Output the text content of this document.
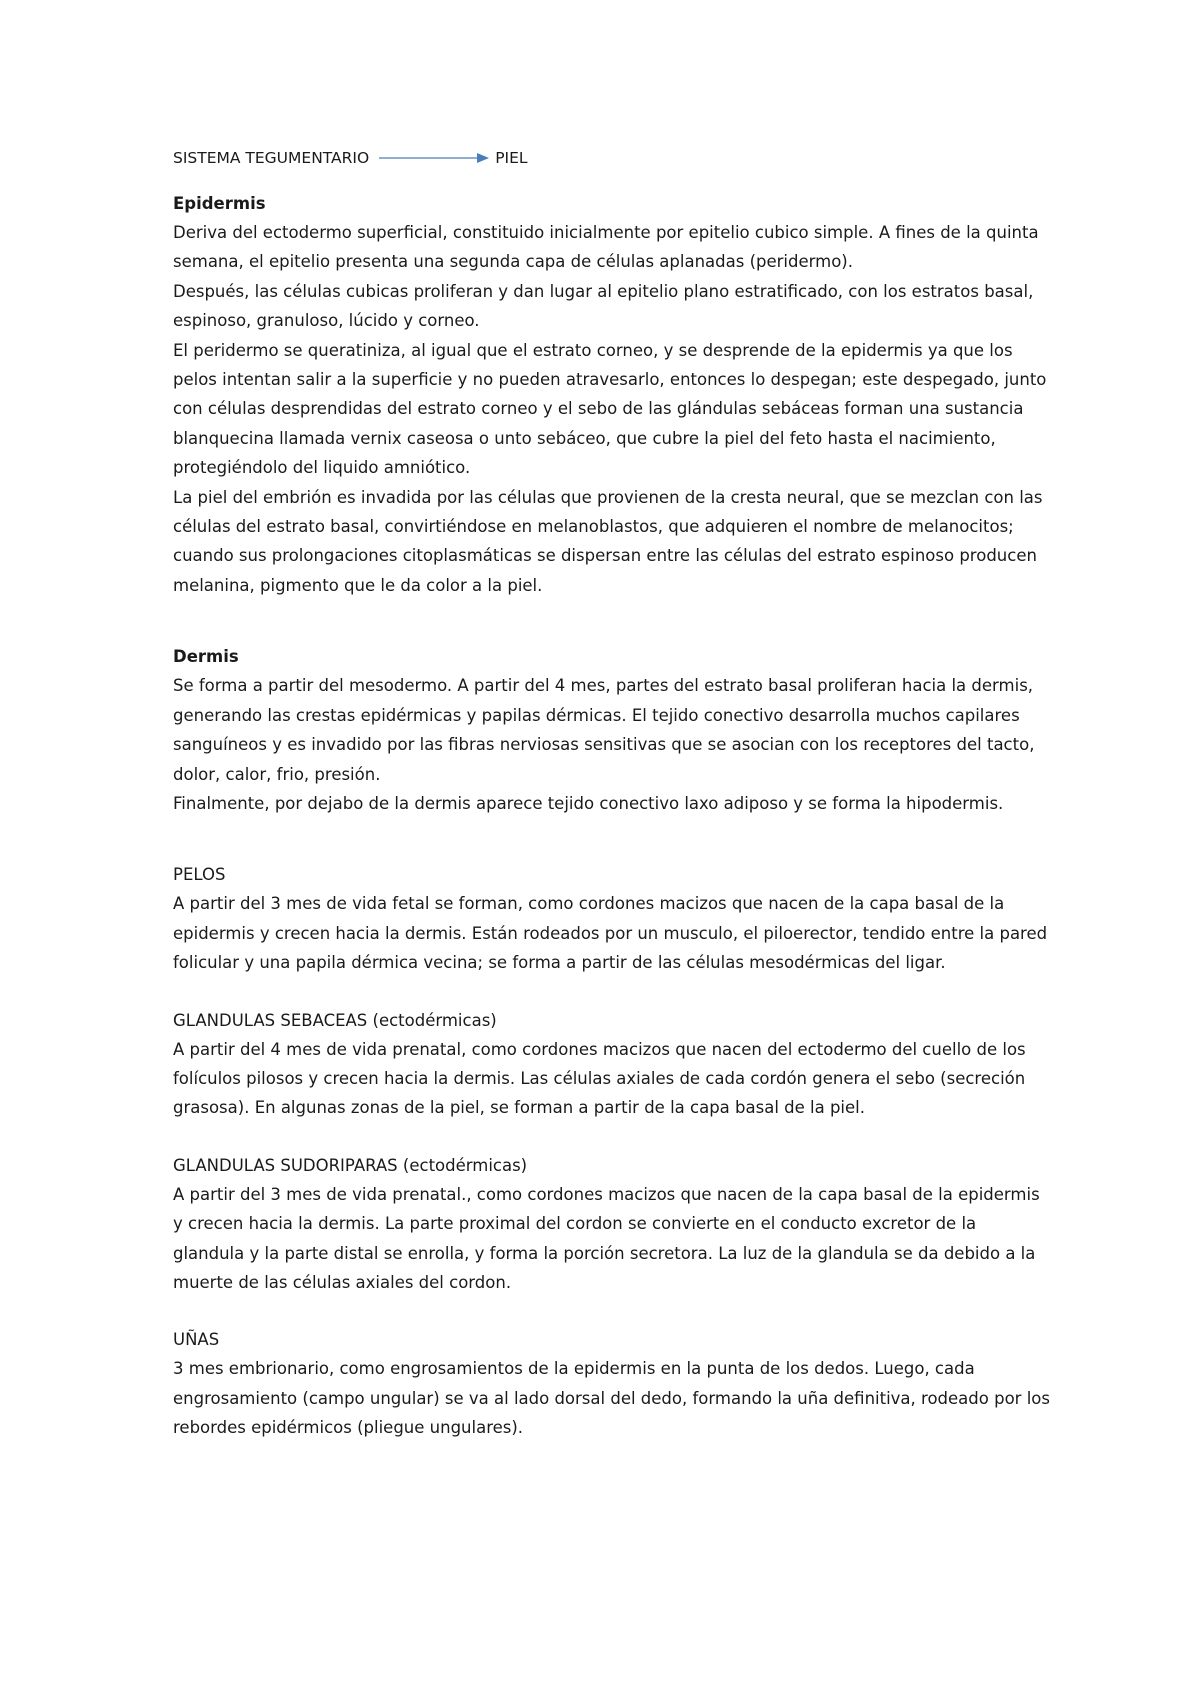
SISTEMA TEGUMENTARIO	PIEL

Epidermis

Deriva del ectodermo superficial, constituido inicialmente por epitelio cubico simple. A fines de la quinta semana, el epitelio presenta una segunda capa de células aplanadas (peridermo).

Después, las células cubicas proliferan y dan lugar al epitelio plano estratificado, con los estratos basal, espinoso, granuloso, lúcido y corneo.

El peridermo se queratiniza, al igual que el estrato corneo, y se desprende de la epidermis ya que los pelos intentan salir a la superficie y no pueden atravesarlo, entonces lo despegan; este despegado, junto con células desprendidas del estrato corneo y el sebo de las glándulas sebáceas forman una sustancia blanquecina llamada vernix caseosa o unto sebáceo, que cubre la piel del feto hasta el nacimiento, protegiéndolo del liquido amniótico.

La piel del embrión es invadida por las células que provienen de la cresta neural, que se mezclan con las células del estrato basal, convirtiéndose en melanoblastos, que adquieren el nombre de melanocitos; cuando sus prolongaciones citoplasmáticas se dispersan entre las células del estrato espinoso producen melanina, pigmento que le da color a la piel.

Dermis

Se forma a partir del mesodermo. A partir del 4 mes, partes del estrato basal proliferan hacia la dermis, generando las crestas epidérmicas y papilas dérmicas. El tejido conectivo desarrolla muchos capilares sanguíneos y es invadido por las fibras nerviosas sensitivas que se asocian con los receptores del tacto, dolor, calor, frio, presión.

Finalmente, por dejabo de la dermis aparece tejido conectivo laxo adiposo y se forma la hipodermis.

PELOS

A partir del 3 mes de vida fetal se forman, como cordones macizos que nacen de la capa basal de la epidermis y crecen hacia la dermis. Están rodeados por un musculo, el piloerector, tendido entre la pared folicular y una papila dérmica vecina; se forma a partir de las células mesodérmicas del ligar.

GLANDULAS SEBACEAS (ectodérmicas)

A partir del 4 mes de vida prenatal, como cordones macizos que nacen del ectodermo del cuello de los folículos pilosos y crecen hacia la dermis. Las células axiales de cada cordón genera el sebo (secreción grasosa). En algunas zonas de la piel, se forman a partir de la capa basal de la piel.

GLANDULAS SUDORIPARAS (ectodérmicas)

A partir del 3 mes de vida prenatal., como cordones macizos que nacen de la capa basal de la epidermis y crecen hacia la dermis. La parte proximal del cordon se convierte en el conducto excretor de la glandula y la parte distal se enrolla, y forma la porción secretora. La luz de la glandula se da debido a la muerte de las células axiales del cordon.

UÑAS

3 mes embrionario, como engrosamientos de la epidermis en la punta de los dedos. Luego, cada engrosamiento (campo ungular) se va al lado dorsal del dedo, formando la uña definitiva, rodeado por los rebordes epidérmicos (pliegue ungulares).
